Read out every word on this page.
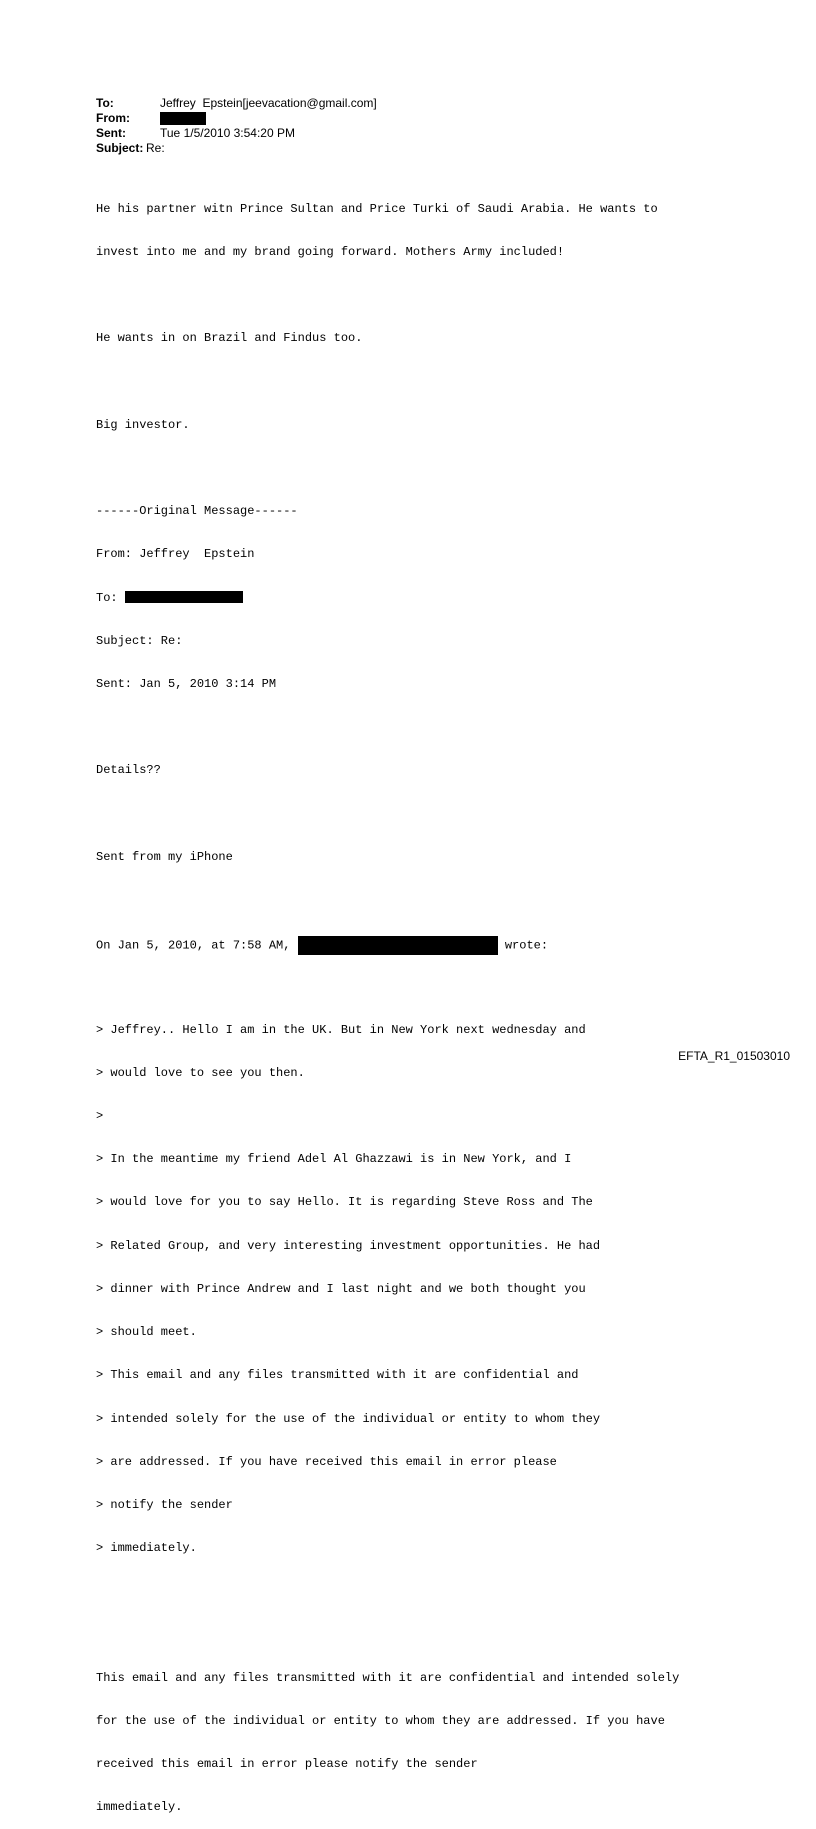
To:	Jeffrey  Epstein[jeevacation@gmail.com]
From:
Sent:	Tue 1/5/2010 3:54:20 PM
Subject: Re:

He his partner witn Prince Sultan and Price Turki of Saudi Arabia. He wants to

invest into me and my brand going forward. Mothers Army included!

He wants in on Brazil and Findus too.

Big investor.

------Original Message------

From: Jeffrey  Epstein

To:

Subject: Re:

Sent: Jan 5, 2010 3:14 PM

Details??

Sent from my iPhone

On Jan 5, 2010, at 7:58 AM,	wrote:

> Jeffrey.. Hello I am in the UK. But in New York next wednesday and

> would love to see you then.

>

> In the meantime my friend Adel Al Ghazzawi is in New York, and I

> would love for you to say Hello. It is regarding Steve Ross and The

> Related Group, and very interesting investment opportunities. He had

> dinner with Prince Andrew and I last night and we both thought you

> should meet.

> This email and any files transmitted with it are confidential and

> intended solely for the use of the individual or entity to whom they

> are addressed. If you have received this email in error please

> notify the sender

> immediately.

This email and any files transmitted with it are confidential and intended solely

for the use of the individual or entity to whom they are addressed. If you have

received this email in error please notify the sender

immediately.

EFTA_R1_01503010
